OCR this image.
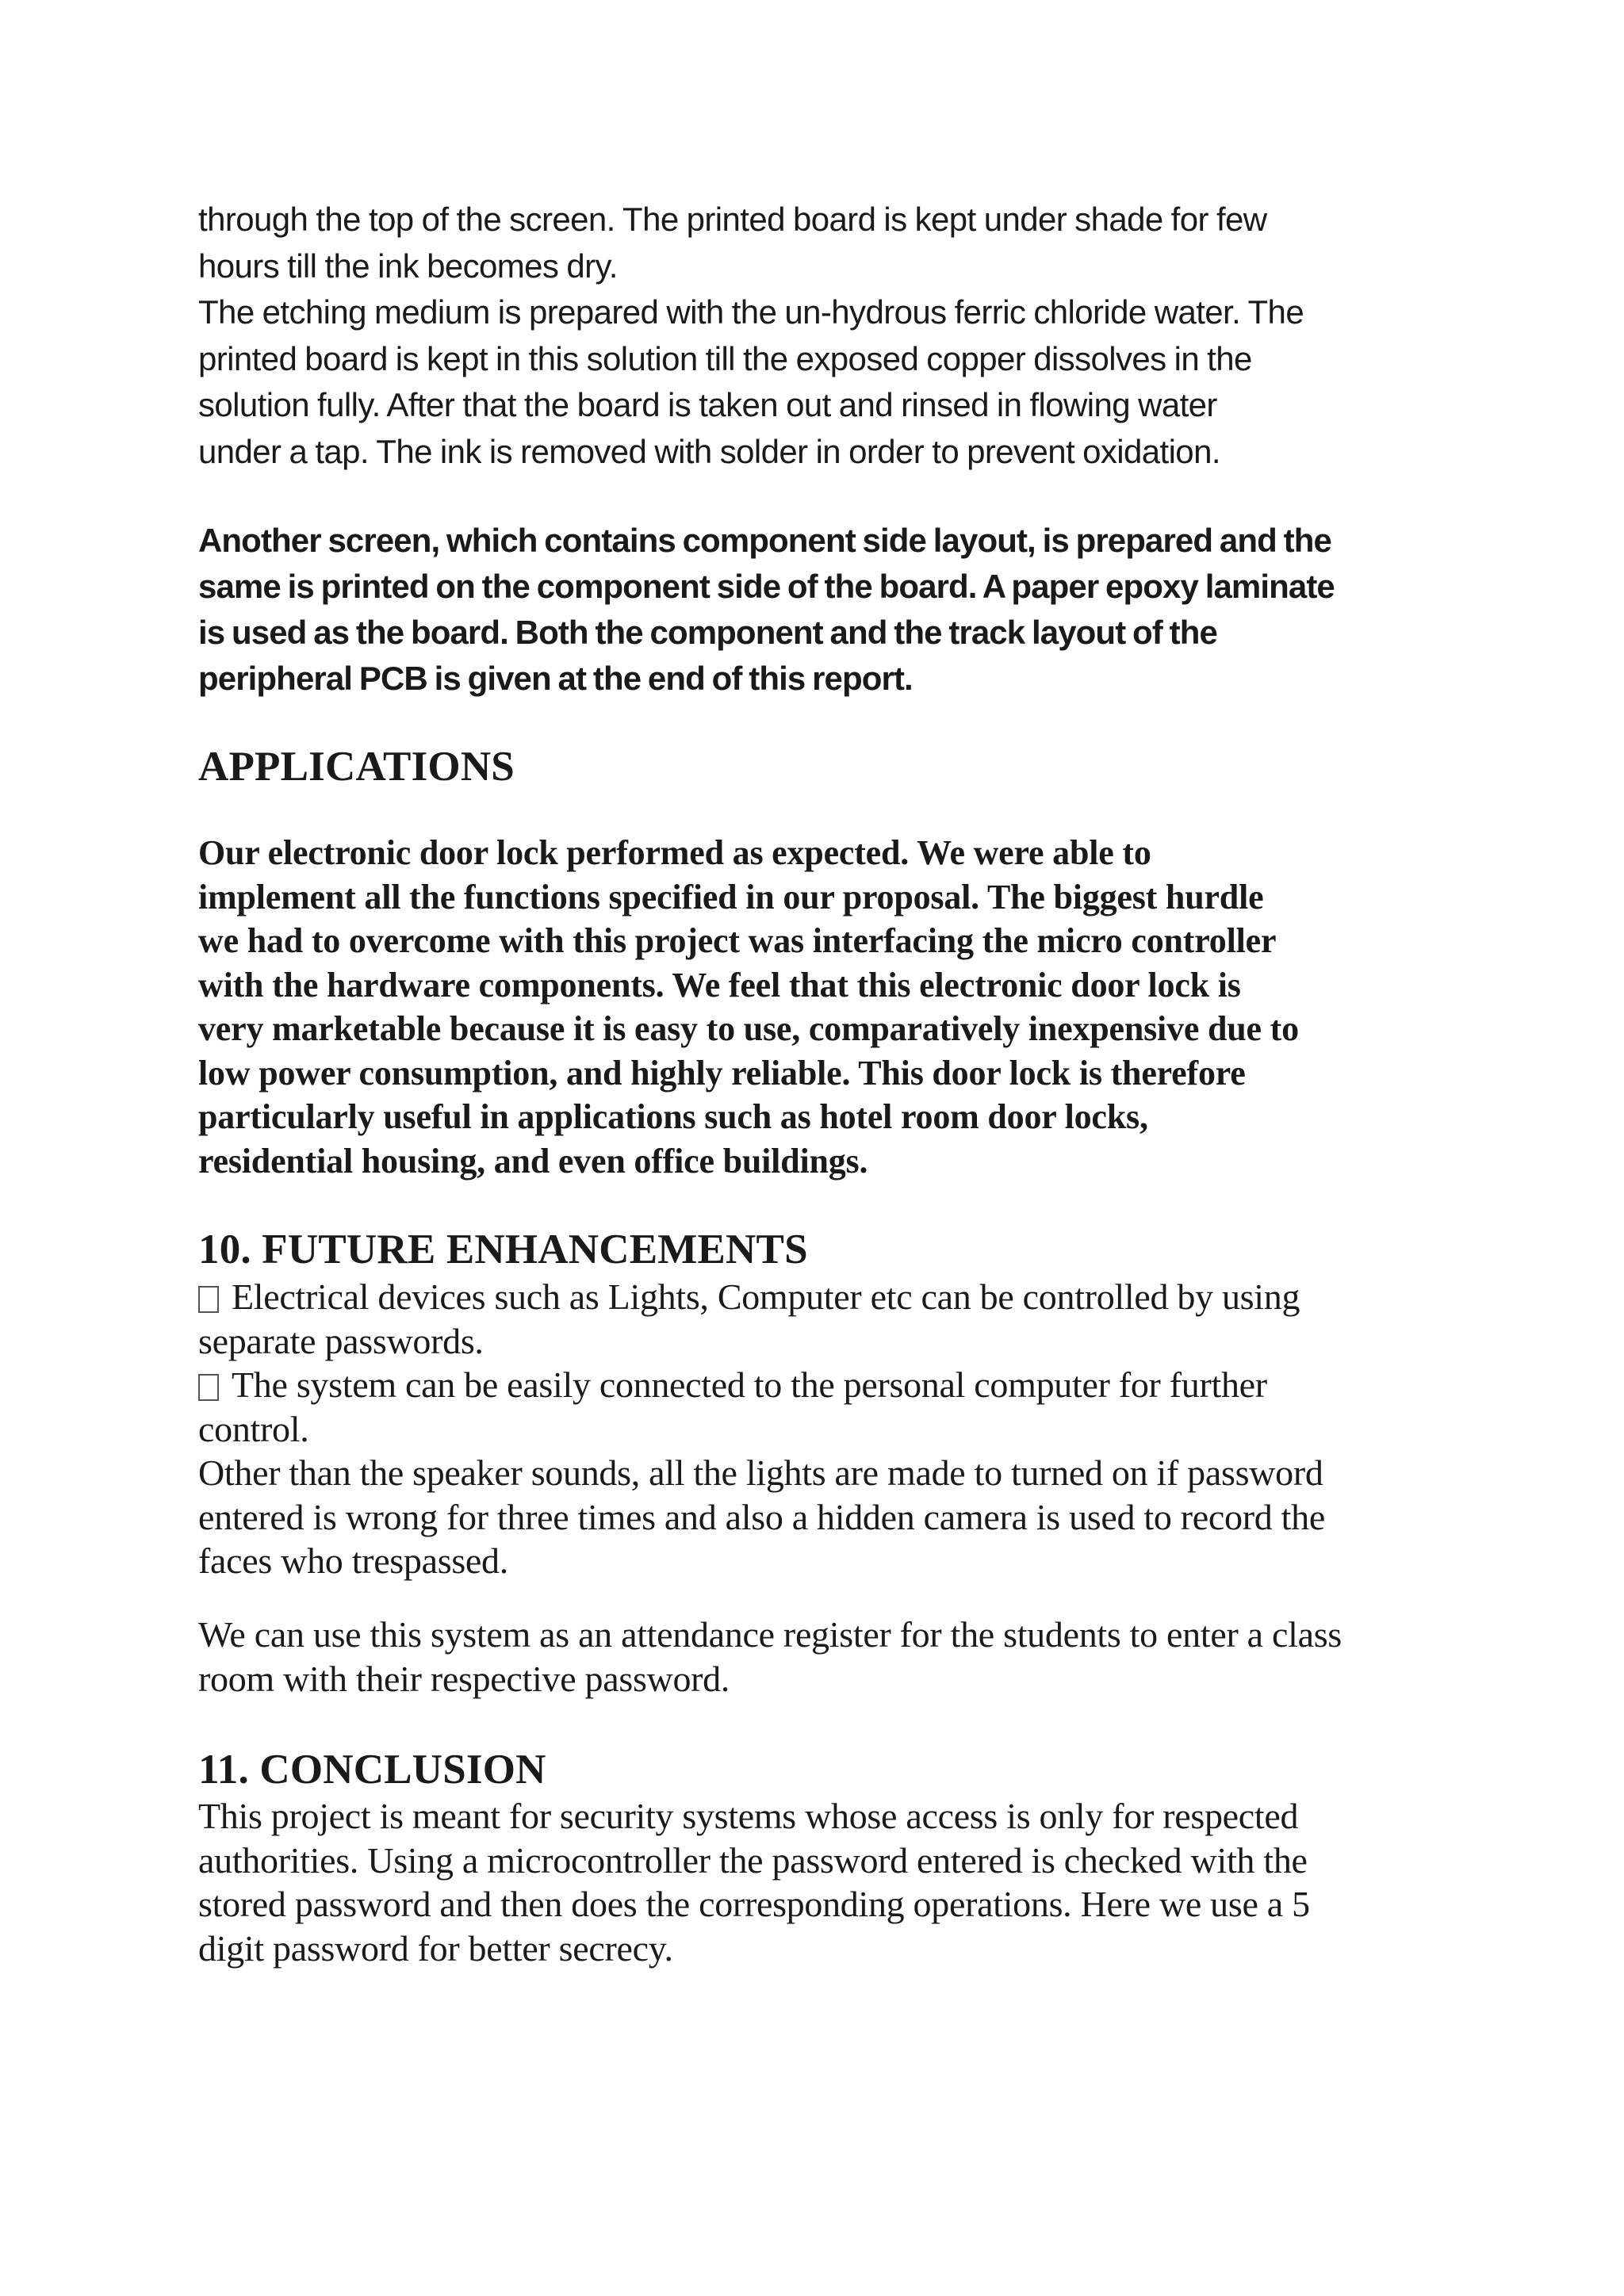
through the top of the screen. The printed board is kept under shade for few
hours till the ink becomes dry.
The etching medium is prepared with the un-hydrous ferric chloride water. The
printed board is kept in this solution till the exposed copper dissolves in the
solution fully. After that the board is taken out and rinsed in flowing water
under a tap. The ink is removed with solder in order to prevent oxidation.
Another screen, which contains component side layout, is prepared and the
same is printed on the component side of the board. A paper epoxy laminate
is used as the board. Both the component and the track layout of the
peripheral PCB is given at the end of this report.
APPLICATIONS
Our electronic door lock performed as expected. We were able to
implement all the functions specified in our proposal. The biggest hurdle
we had to overcome with this project was interfacing the micro controller
with the hardware components. We feel that this electronic door lock is
very marketable because it is easy to use, comparatively inexpensive due to
low power consumption, and highly reliable. This door lock is therefore
particularly useful in applications such as hotel room door locks,
residential housing, and even office buildings.
10. FUTURE ENHANCEMENTS
Electrical devices such as Lights, Computer etc can be controlled by using
separate passwords.
The system can be easily connected to the personal computer for further
control.
Other than the speaker sounds, all the lights are made to turned on if password
entered is wrong for three times and also a hidden camera is used to record the
faces who trespassed.
We can use this system as an attendance register for the students to enter a class
room with their respective password.
11. CONCLUSION
This project is meant for security systems whose access is only for respected
authorities. Using a microcontroller the password entered is checked with the
stored password and then does the corresponding operations. Here we use a 5
digit password for better secrecy.
